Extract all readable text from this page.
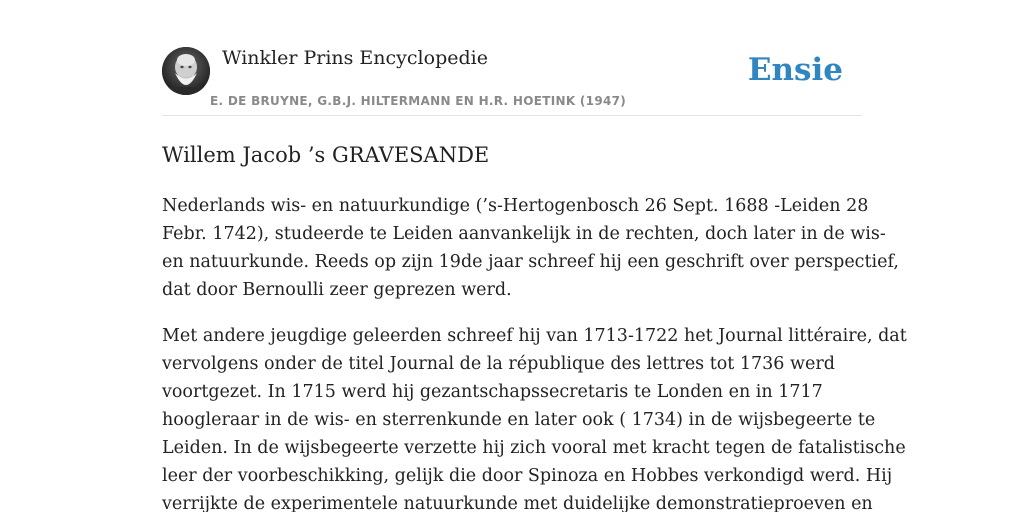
Winkler Prins Encyclopedie
E. DE BRUYNE, G.B.J. HILTERMANN EN H.R. HOETINK (1947)
Ensie
Willem Jacob ’s GRAVESANDE

Nederlands wis- en natuurkundige (’s-Hertogenbosch 26 Sept. 1688 -Leiden 28
Febr. 1742), studeerde te Leiden aanvankelijk in de rechten, doch later in de wis-
en natuurkunde. Reeds op zijn 19de jaar schreef hij een geschrift over perspectief,
dat door Bernoulli zeer geprezen werd.

Met andere jeugdige geleerden schreef hij van 1713-1722 het Journal littéraire, dat
vervolgens onder de titel Journal de la république des lettres tot 1736 werd
voortgezet. In 1715 werd hij gezantschapssecretaris te Londen en in 1717
hoogleraar in de wis- en sterrenkunde en later ook ( 1734) in de wijsbegeerte te
Leiden. In de wijsbegeerte verzette hij zich vooral met kracht tegen de fatalistische
leer der voorbeschikking, gelijk die door Spinoza en Hobbes verkondigd werd. Hij
verrijkte de experimentele natuurkunde met duidelijke demonstratieproeven en
